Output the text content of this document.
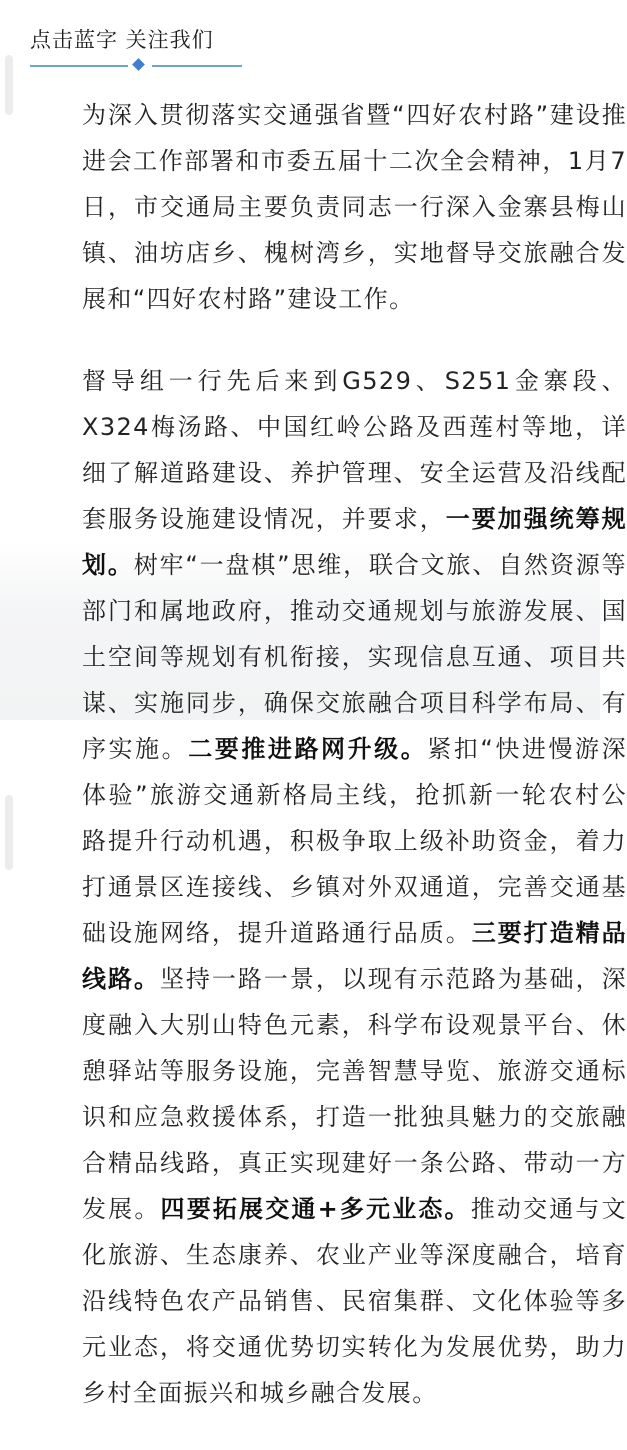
点击蓝字 关注我们
为深入贯彻落实交通强省暨“四好农村路”建设推进会工作部署和市委五届十二次全会精神，1月7日，市交通局主要负责同志一行深入金寨县梅山镇、油坊店乡、槐树湾乡，实地督导交旅融合发展和“四好农村路”建设工作。
督导组一行先后来到G529、S251金寨段、X324梅汤路、中国红岭公路及西莲村等地，详细了解道路建设、养护管理、安全运营及沿线配套服务设施建设情况，并要求，一要加强统筹规划。树牢“一盘棋”思维，联合文旅、自然资源等部门和属地政府，推动交通规划与旅游发展、国土空间等规划有机衔接，实现信息互通、项目共谋、实施同步，确保交旅融合项目科学布局、有序实施。二要推进路网升级。紧扣“快进慢游深体验”旅游交通新格局主线，抢抓新一轮农村公路提升行动机遇，积极争取上级补助资金，着力打通景区连接线、乡镇对外双通道，完善交通基础设施网络，提升道路通行品质。三要打造精品线路。坚持一路一景，以现有示范路为基础，深度融入大别山特色元素，科学布设观景平台、休憩驿站等服务设施，完善智慧导览、旅游交通标识和应急救援体系，打造一批独具魅力的交旅融合精品线路，真正实现建好一条公路、带动一方发展。四要拓展交通+多元业态。推动交通与文化旅游、生态康养、农业产业等深度融合，培育沿线特色农产品销售、民宿集群、文化体验等多元业态，将交通优势切实转化为发展优势，助力乡村全面振兴和城乡融合发展。
